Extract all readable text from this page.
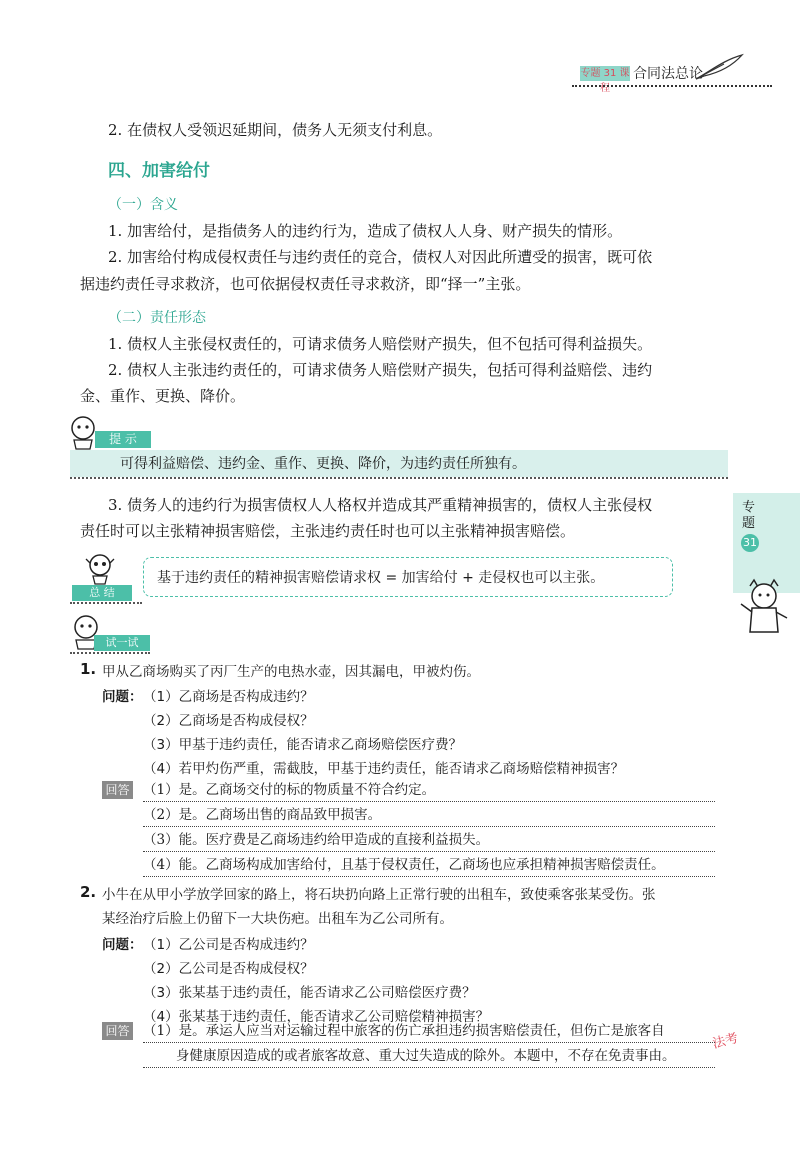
专题 31 课程
合同法总论
2. 在债权人受领迟延期间，债务人无须支付利息。
四、加害给付
（一）含义
1. 加害给付，是指债务人的违约行为，造成了债权人人身、财产损失的情形。
2. 加害给付构成侵权责任与违约责任的竞合，债权人对因此所遭受的损害，既可依
据违约责任寻求救济，也可依据侵权责任寻求救济，即“择一”主张。
（二）责任形态
1. 债权人主张侵权责任的，可请求债务人赔偿财产损失，但不包括可得利益损失。
2. 债权人主张违约责任的，可请求债务人赔偿财产损失，包括可得利益赔偿、违约
金、重作、更换、降价。
提 示
可得利益赔偿、违约金、重作、更换、降价，为违约责任所独有。
3. 债务人的违约行为损害债权人人格权并造成其严重精神损害的，债权人主张侵权
责任时可以主张精神损害赔偿，主张违约责任时也可以主张精神损害赔偿。
专题
31
基于违约责任的精神损害赔偿请求权 = 加害给付 + 走侵权也可以主张。
总 结
试一试
1. 甲从乙商场购买了丙厂生产的电热水壶，因其漏电，甲被灼伤。
问题： （1）乙商场是否构成违约？
（2）乙商场是否构成侵权？
（3）甲基于违约责任，能否请求乙商场赔偿医疗费？
（4）若甲灼伤严重，需截肢，甲基于违约责任，能否请求乙商场赔偿精神损害？
回答 （1）是。乙商场交付的标的物质量不符合约定。
（2）是。乙商场出售的商品致甲损害。
（3）能。医疗费是乙商场违约给甲造成的直接利益损失。
（4）能。乙商场构成加害给付，且基于侵权责任，乙商场也应承担精神损害赔偿责任。
2. 小牛在从甲小学放学回家的路上，将石块扔向路上正常行驶的出租车，致使乘客张某受伤。张
某经治疗后脸上仍留下一大块伤疤。出租车为乙公司所有。
问题： （1）乙公司是否构成违约？
（2）乙公司是否构成侵权？
（3）张某基于违约责任，能否请求乙公司赔偿医疗费？
（4）张某基于违约责任，能否请求乙公司赔偿精神损害？
回答 （1）是。承运人应当对运输过程中旅客的伤亡承担违约损害赔偿责任，但伤亡是旅客自
身健康原因造成的或者旅客故意、重大过失造成的除外。本题中，不存在免责事由。
法考
